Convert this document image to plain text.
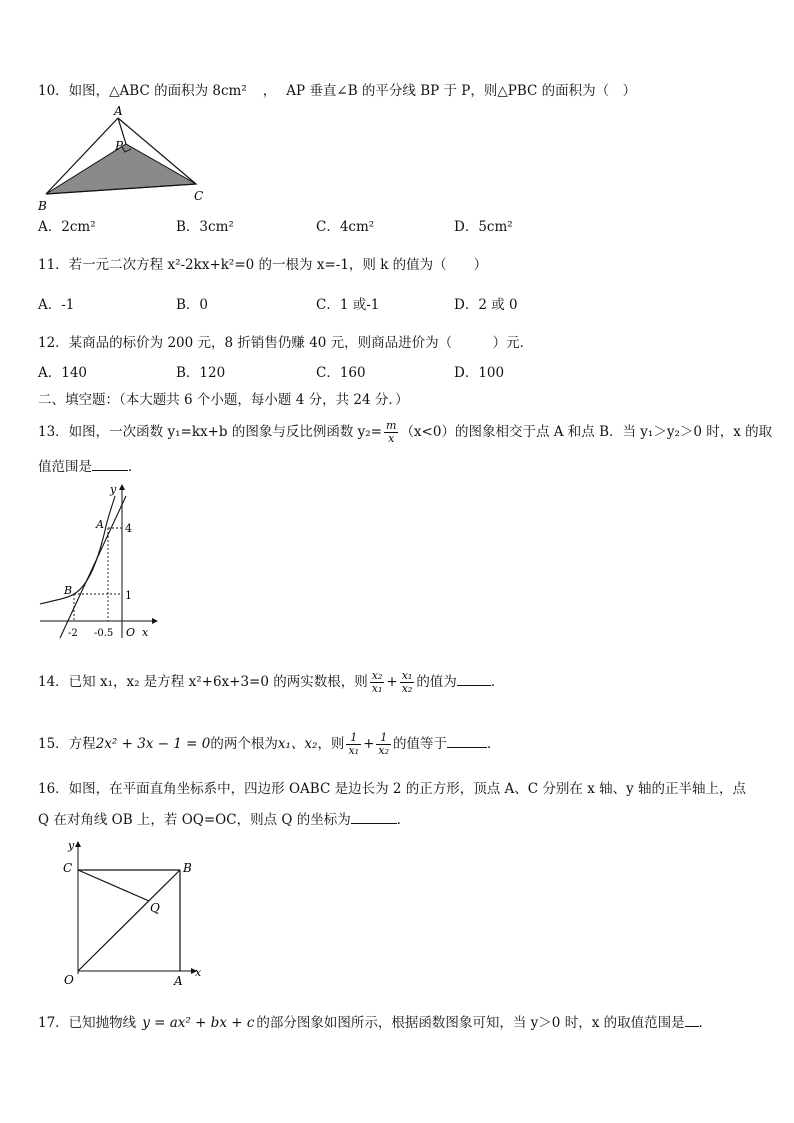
10．如图，△ABC 的面积为 8cm² ， AP 垂直∠B 的平分线 BP 于 P，则△PBC 的面积为（　）
A
P
B
C
A．2cm²	B．3cm²	C．4cm²	D．5cm²
11．若一元二次方程 x²-2kx+k²=0 的一根为 x=-1，则 k 的值为（　　）
A．-1	B．0	C．1 或-1	D．2 或 0
12．某商品的标价为 200 元，8 折销售仍赚 40 元，则商品进价为（　　　）元．
A．140	B．120	C．160	D．100
二、填空题：（本大题共 6 个小题，每小题 4 分，共 24 分．）
13．如图，一次函数 y₁=kx+b 的图象与反比例函数 $y_2= \frac{m}{x} (x<0)$的图象相交于点 A 和点 B．当 y₁＞y₂＞0 时，x 的取
值范围是	．
y
A 4
B	1
-2 -0.5 O x
14．已知 x₁，x₂ 是方程 x²+6x+3=0 的两实数根，则 $\frac{\text{x₂}}{\text{x₁}} + \frac{\text{x₁}}{\text{x₂}}$ 的值为	．
15．方程2x² + 3x − 1 = 0的两个根为x₁、x₂，则 $\frac{1}{\text{x₁}} + \frac{1}{\text{x₂}}$ 的值等于	．
16．如图，在平面直角坐标系中，四边形 OABC 是边长为 2 的正方形，顶点 A、C 分别在 x 轴、y 轴的正半轴上，点
Q 在对角线 OB 上，若 OQ=OC，则点 Q 的坐标为	．
y
C	B
Q
O	A
x
17．已知抛物线 y = ax² + bx + c 的部分图象如图所示，根据函数图象可知，当 y＞0 时，x 的取值范围是 ．
